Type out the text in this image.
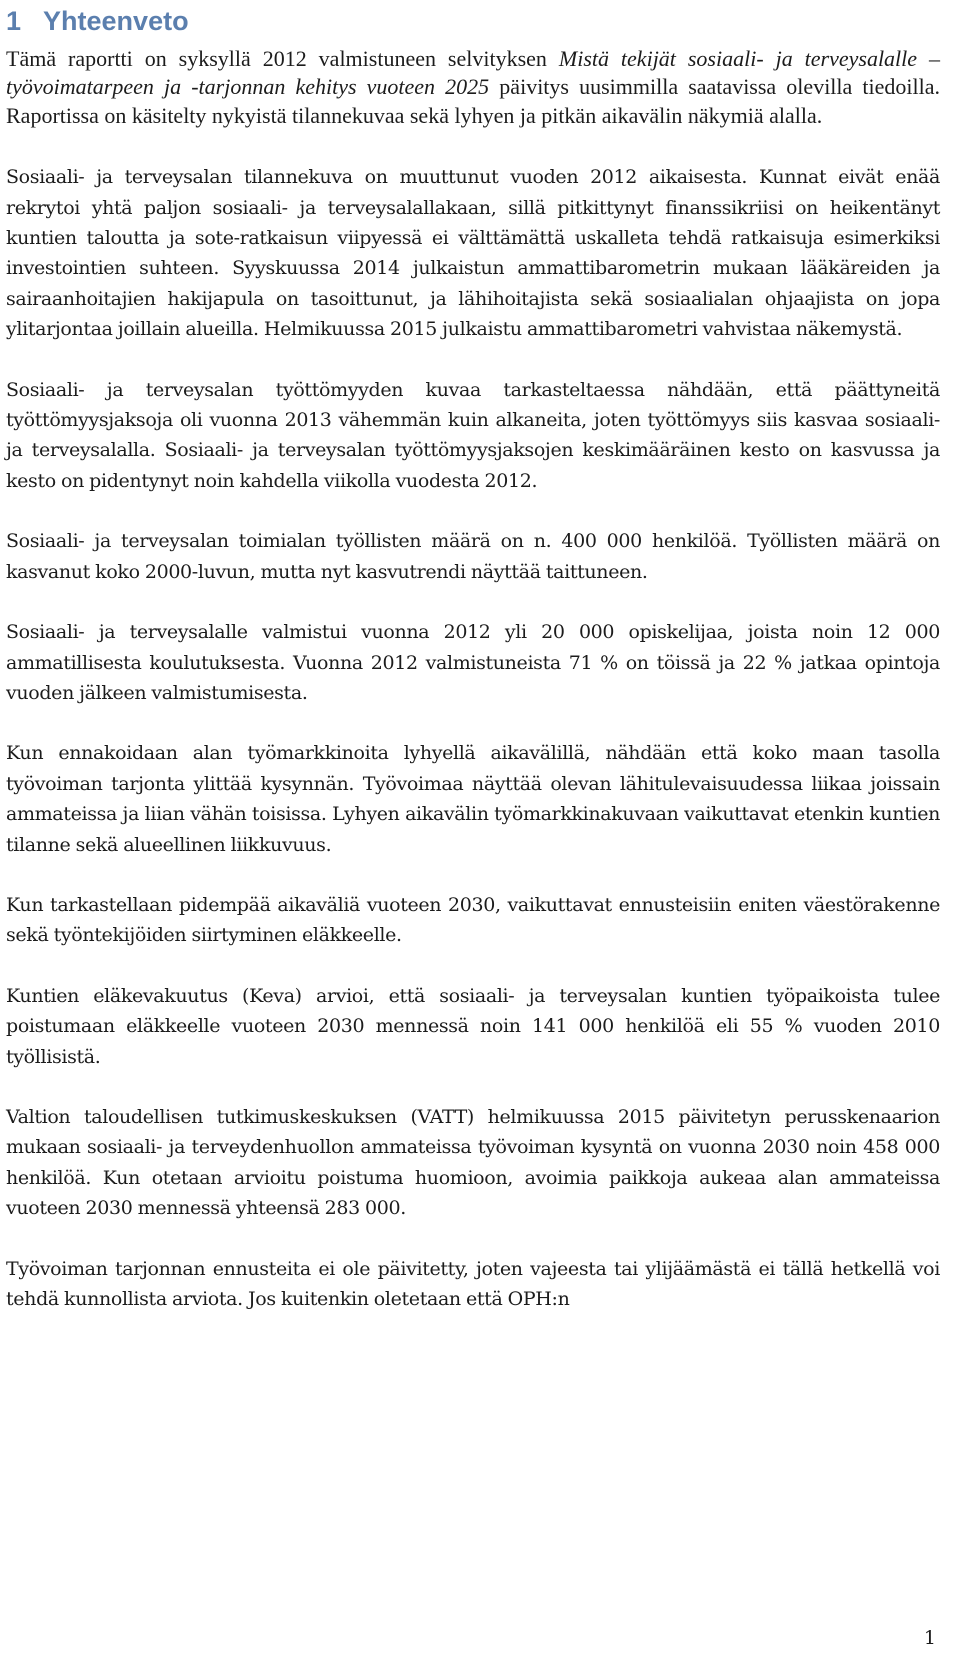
1 Yhteenveto

Tämä raportti on syksyllä 2012 valmistuneen selvityksen Mistä tekijät sosiaali- ja terveysalalle –työvoimatarpeen ja -tarjonnan kehitys vuoteen 2025 päivitys uusimmilla saatavissa olevilla tiedoilla. Raportissa on käsitelty nykyistä tilannekuvaa sekä lyhyen ja pitkän aikavälin näkymiä alalla.

Sosiaali- ja terveysalan tilannekuva on muuttunut vuoden 2012 aikaisesta. Kunnat eivät enää rekrytoi yhtä paljon sosiaali- ja terveysalallakaan, sillä pitkittynyt finanssikriisi on heikentänyt kuntien taloutta ja sote-ratkaisun viipyessä ei välttämättä uskalleta tehdä ratkaisuja esimerkiksi investointien suhteen. Syyskuussa 2014 julkaistun ammattibarometrin mukaan lääkäreiden ja sairaanhoitajien hakijapula on tasoittunut, ja lähihoitajista sekä sosiaalialan ohjaajista on jopa ylitarjontaa joillain alueilla. Helmikuussa 2015 julkaistu ammattibarometri vahvistaa näkemystä.

Sosiaali- ja terveysalan työttömyyden kuvaa tarkasteltaessa nähdään, että päättyneitä työttömyysjaksoja oli vuonna 2013 vähemmän kuin alkaneita, joten työttömyys siis kasvaa sosiaali- ja terveysalalla. Sosiaali- ja terveysalan työttömyysjaksojen keskimääräinen kesto on kasvussa ja kesto on pidentynyt noin kahdella viikolla vuodesta 2012.

Sosiaali- ja terveysalan toimialan työllisten määrä on n. 400 000 henkilöä. Työllisten määrä on kasvanut koko 2000-luvun, mutta nyt kasvutrendi näyttää taittuneen.

Sosiaali- ja terveysalalle valmistui vuonna 2012 yli 20 000 opiskelijaa, joista noin 12 000 ammatillisesta koulutuksesta. Vuonna 2012 valmistuneista 71 % on töissä ja 22 % jatkaa opintoja vuoden jälkeen valmistumisesta.

Kun ennakoidaan alan työmarkkinoita lyhyellä aikavälillä, nähdään että koko maan tasolla työvoiman tarjonta ylittää kysynnän. Työvoimaa näyttää olevan lähitulevaisuudessa liikaa joissain ammateissa ja liian vähän toisissa. Lyhyen aikavälin työmarkkinakuvaan vaikuttavat etenkin kuntien tilanne sekä alueellinen liikkuvuus.

Kun tarkastellaan pidempää aikaväliä vuoteen 2030, vaikuttavat ennusteisiin eniten väestörakenne sekä työntekijöiden siirtyminen eläkkeelle.

Kuntien eläkevakuutus (Keva) arvioi, että sosiaali- ja terveysalan kuntien työpaikoista tulee poistumaan eläkkeelle vuoteen 2030 mennessä noin 141 000 henkilöä eli 55 % vuoden 2010 työllisistä.

Valtion taloudellisen tutkimuskeskuksen (VATT) helmikuussa 2015 päivitetyn perusskenaarion mukaan sosiaali- ja terveydenhuollon ammateissa työvoiman kysyntä on vuonna 2030 noin 458 000 henkilöä. Kun otetaan arvioitu poistuma huomioon, avoimia paikkoja aukeaa alan ammateissa vuoteen 2030 mennessä yhteensä 283 000.

Työvoiman tarjonnan ennusteita ei ole päivitetty, joten vajeesta tai ylijäämästä ei tällä hetkellä voi tehdä kunnollista arviota. Jos kuitenkin oletetaan että OPH:n

1
